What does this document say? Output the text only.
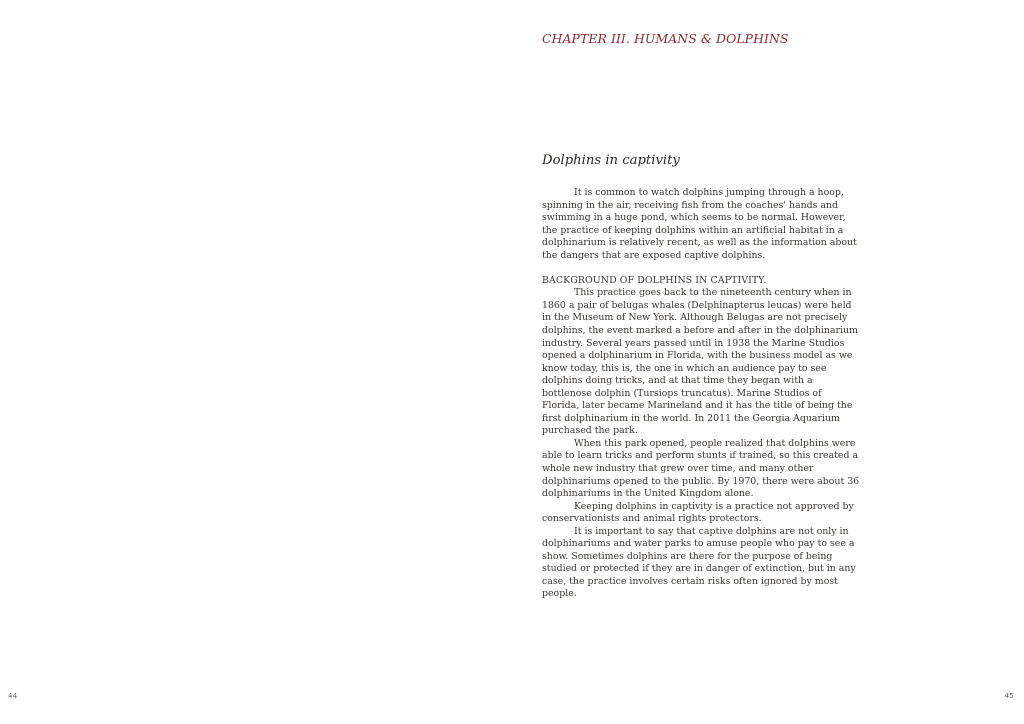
44
CHAPTER III. HUMANS & DOLPHINS
Dolphins in captivity

It is common to watch dolphins jumping through a hoop, spinning in the air, receiving fish from the coaches' hands and swimming in a huge pond, which seems to be normal. However, the practice of keeping dolphins within an artificial habitat in a dolphinarium is relatively recent, as well as the information about the dangers that are exposed captive dolphins.

BACKGROUND OF DOLPHINS IN CAPTIVITY.

This practice goes back to the nineteenth century when in 1860 a pair of belugas whales (Delphinapterus leucas) were held in the Museum of New York. Although Belugas are not precisely dolphins, the event marked a before and after in the dolphinarium industry. Several years passed until in 1938 the Marine Studios opened a dolphinarium in Florida, with the business model as we know today, this is, the one in which an audience pay to see dolphins doing tricks, and at that time they began with a bottlenose dolphin (Tursiops truncatus). Marine Studios of Florida, later became Marineland and it has the title of being the first dolphinarium in the world. In 2011 the Georgia Aquarium purchased the park.

When this park opened, people realized that dolphins were able to learn tricks and perform stunts if trained, so this created a whole new industry that grew over time, and many other dolphinariums opened to the public. By 1970, there were about 36 dolphinariums in the United Kingdom alone.

Keeping dolphins in captivity is a practice not approved by conservationists and animal rights protectors.

It is important to say that captive dolphins are not only in dolphinariums and water parks to amuse people who pay to see a show. Sometimes dolphins are there for the purpose of being studied or protected if they are in danger of extinction, but in any case, the practice involves certain risks often ignored by most people.

45
